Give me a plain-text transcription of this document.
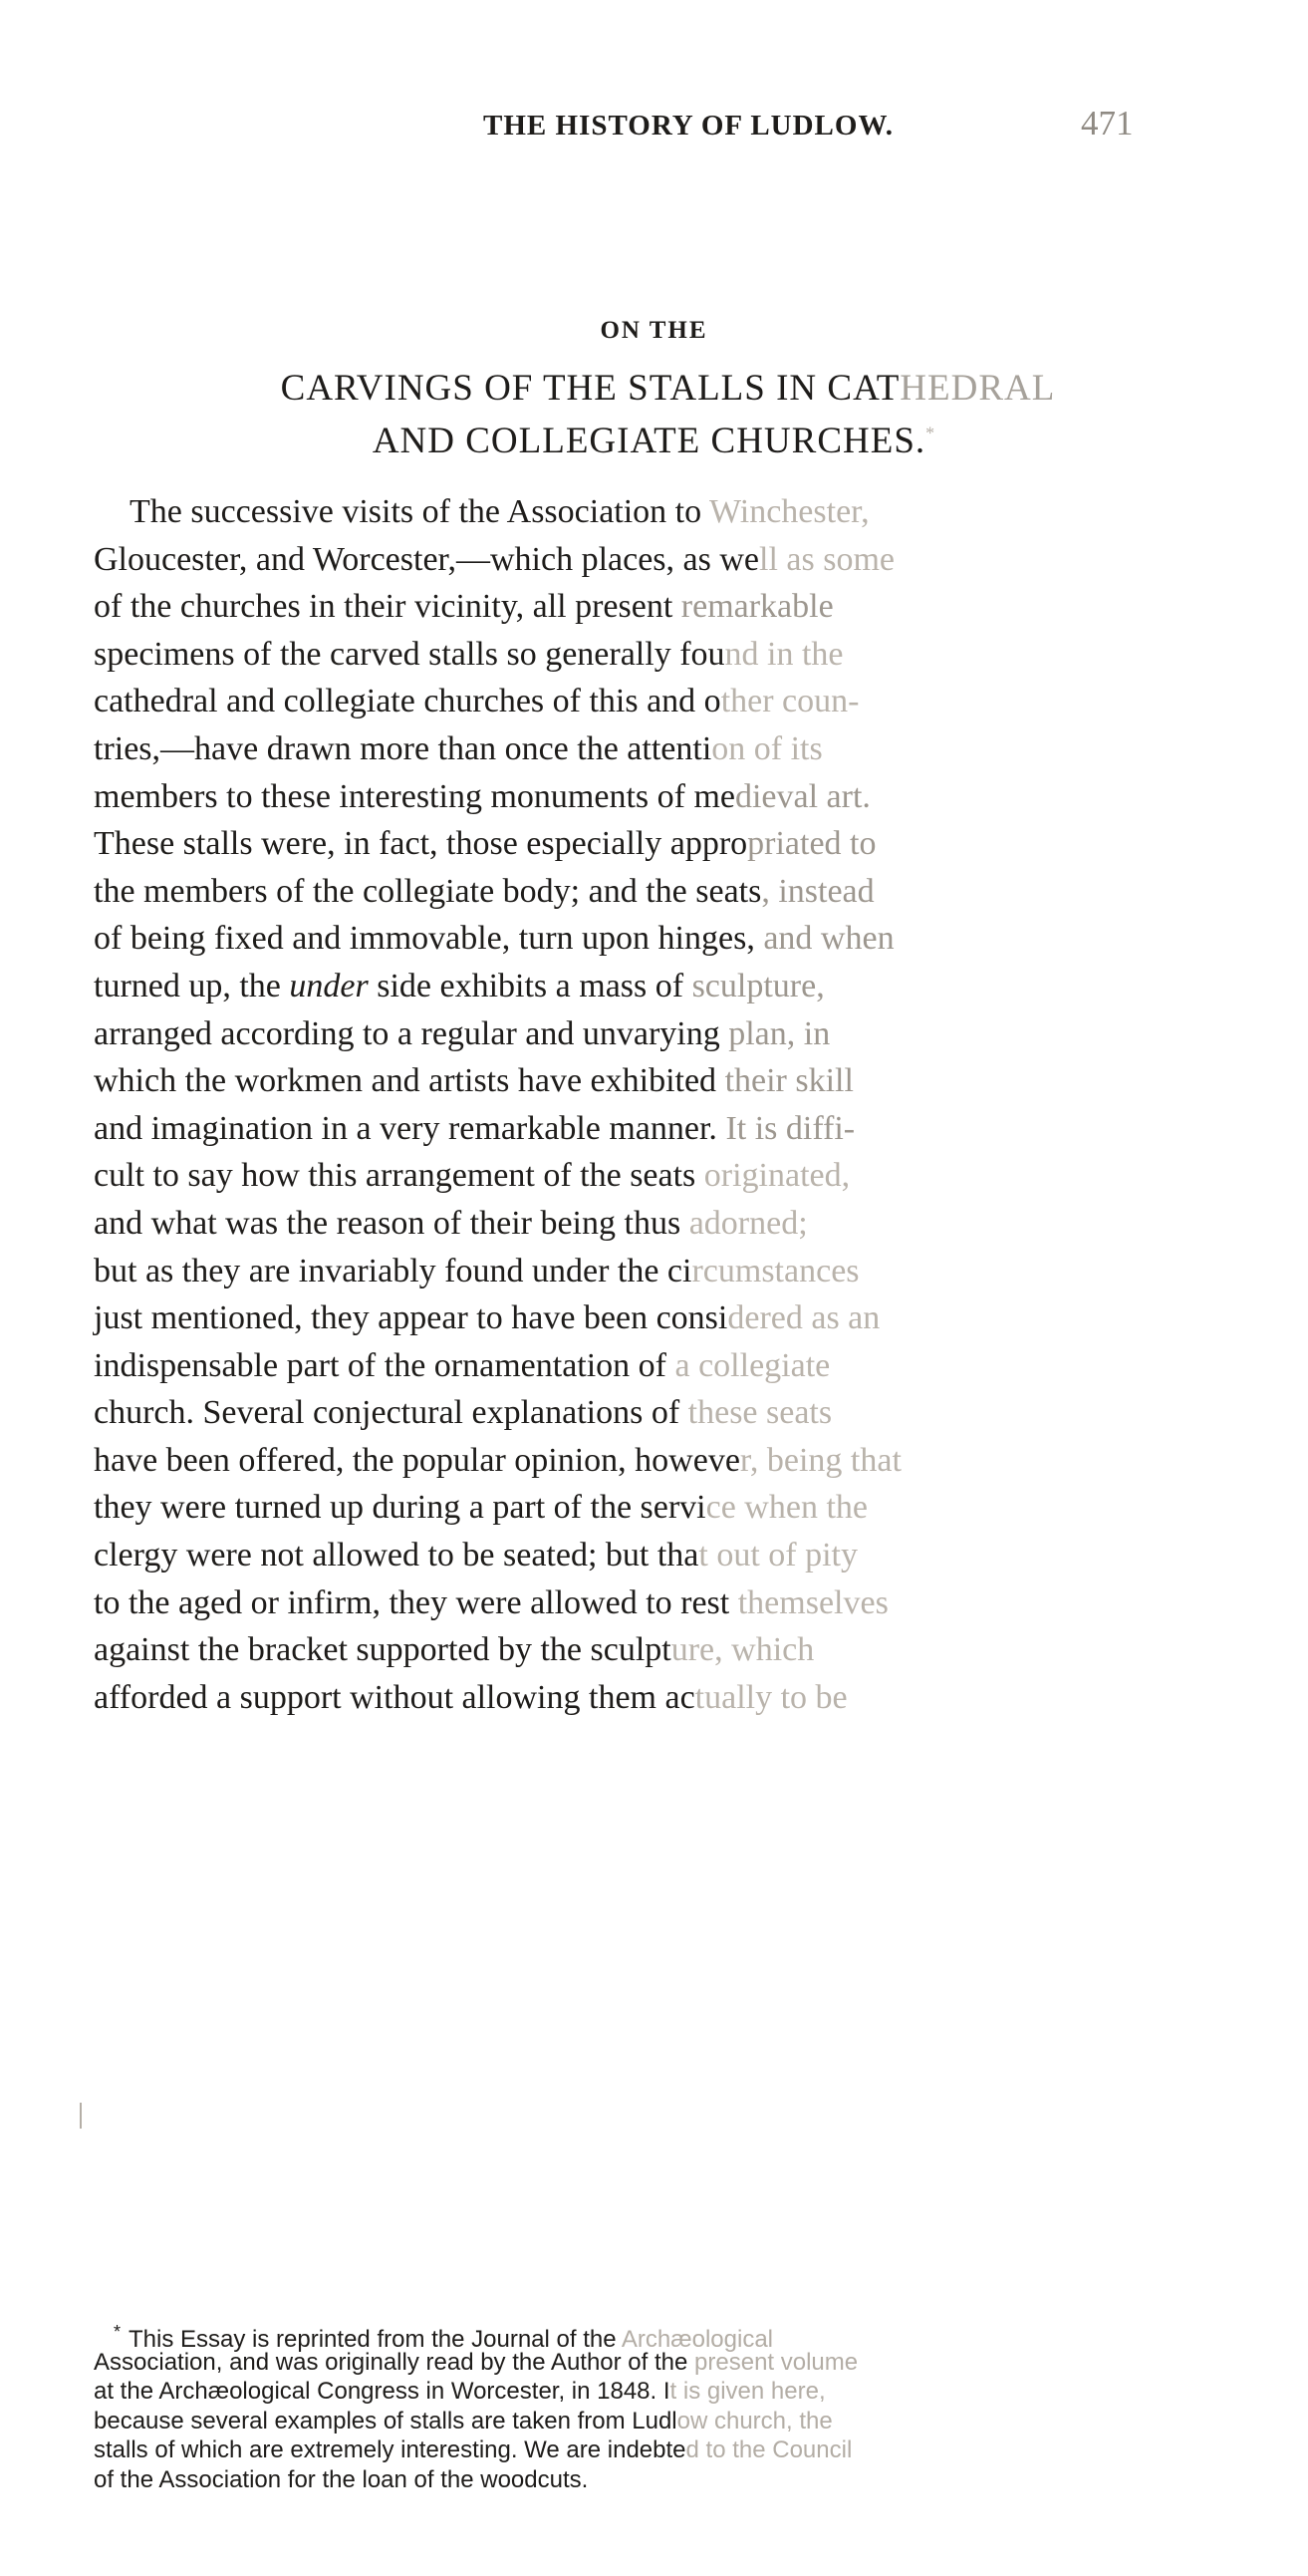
THE HISTORY OF LUDLOW.	471
ON THE
CARVINGS OF THE STALLS IN CATHEDRAL
AND COLLEGIATE CHURCHES.*
The successive visits of the Association to Winchester,
Gloucester, and Worcester,—which places, as well as some
of the churches in their vicinity, all present remarkable
specimens of the carved stalls so generally found in the
cathedral and collegiate churches of this and other coun-
tries,—have drawn more than once the attention of its
members to these interesting monuments of medieval art.
These stalls were, in fact, those especially appropriated to
the members of the collegiate body; and the seats, instead
of being fixed and immovable, turn upon hinges, and when
turned up, the under side exhibits a mass of sculpture,
arranged according to a regular and unvarying plan, in
which the workmen and artists have exhibited their skill
and imagination in a very remarkable manner. It is diffi-
cult to say how this arrangement of the seats originated,
and what was the reason of their being thus adorned;
but as they are invariably found under the circumstances
just mentioned, they appear to have been considered as an
indispensable part of the ornamentation of a collegiate
church. Several conjectural explanations of these seats
have been offered, the popular opinion, however, being that
they were turned up during a part of the service when the
clergy were not allowed to be seated; but that out of pity
to the aged or infirm, they were allowed to rest themselves
against the bracket supported by the sculpture, which
afforded a support without allowing them actually to be
* This Essay is reprinted from the Journal of the Archæological
Association, and was originally read by the Author of the present volume
at the Archæological Congress in Worcester, in 1848. It is given here,
because several examples of stalls are taken from Ludlow church, the
stalls of which are extremely interesting. We are indebted to the Council
of the Association for the loan of the woodcuts.
